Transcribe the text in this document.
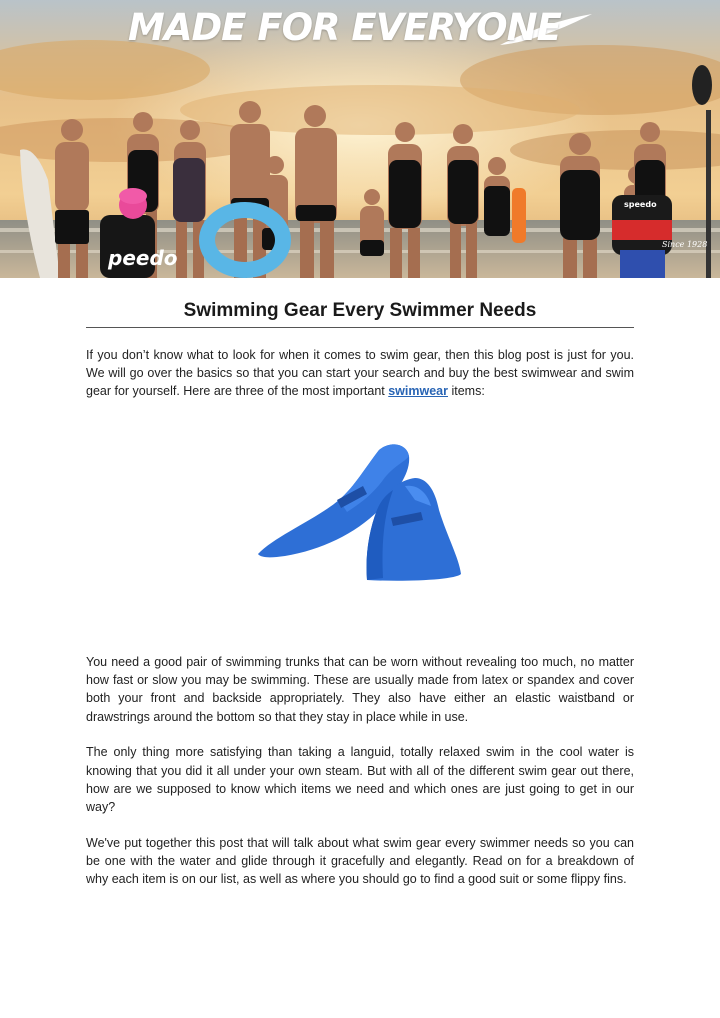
MADE FOR EVERYONE
Since 1928
speedo
peedo
Swimming Gear Every Swimmer Needs

If you don’t know what to look for when it comes to swim gear, then this blog post is just for you. We will go over the basics so that you can start your search and buy the best swimwear and swim gear for yourself. Here are three of the most important swimwear items:

You need a good pair of swimming trunks that can be worn without revealing too much, no matter how fast or slow you may be swimming. These are usually made from latex or spandex and cover both your front and backside appropriately. They also have either an elastic waistband or drawstrings around the bottom so that they stay in place while in use.

The only thing more satisfying than taking a languid, totally relaxed swim in the cool water is knowing that you did it all under your own steam. But with all of the different swim gear out there, how are we supposed to know which items we need and which ones are just going to get in our way?

We've put together this post that will talk about what swim gear every swimmer needs so you can be one with the water and glide through it gracefully and elegantly. Read on for a breakdown of why each item is on our list, as well as where you should go to find a good suit or some flippy fins.
